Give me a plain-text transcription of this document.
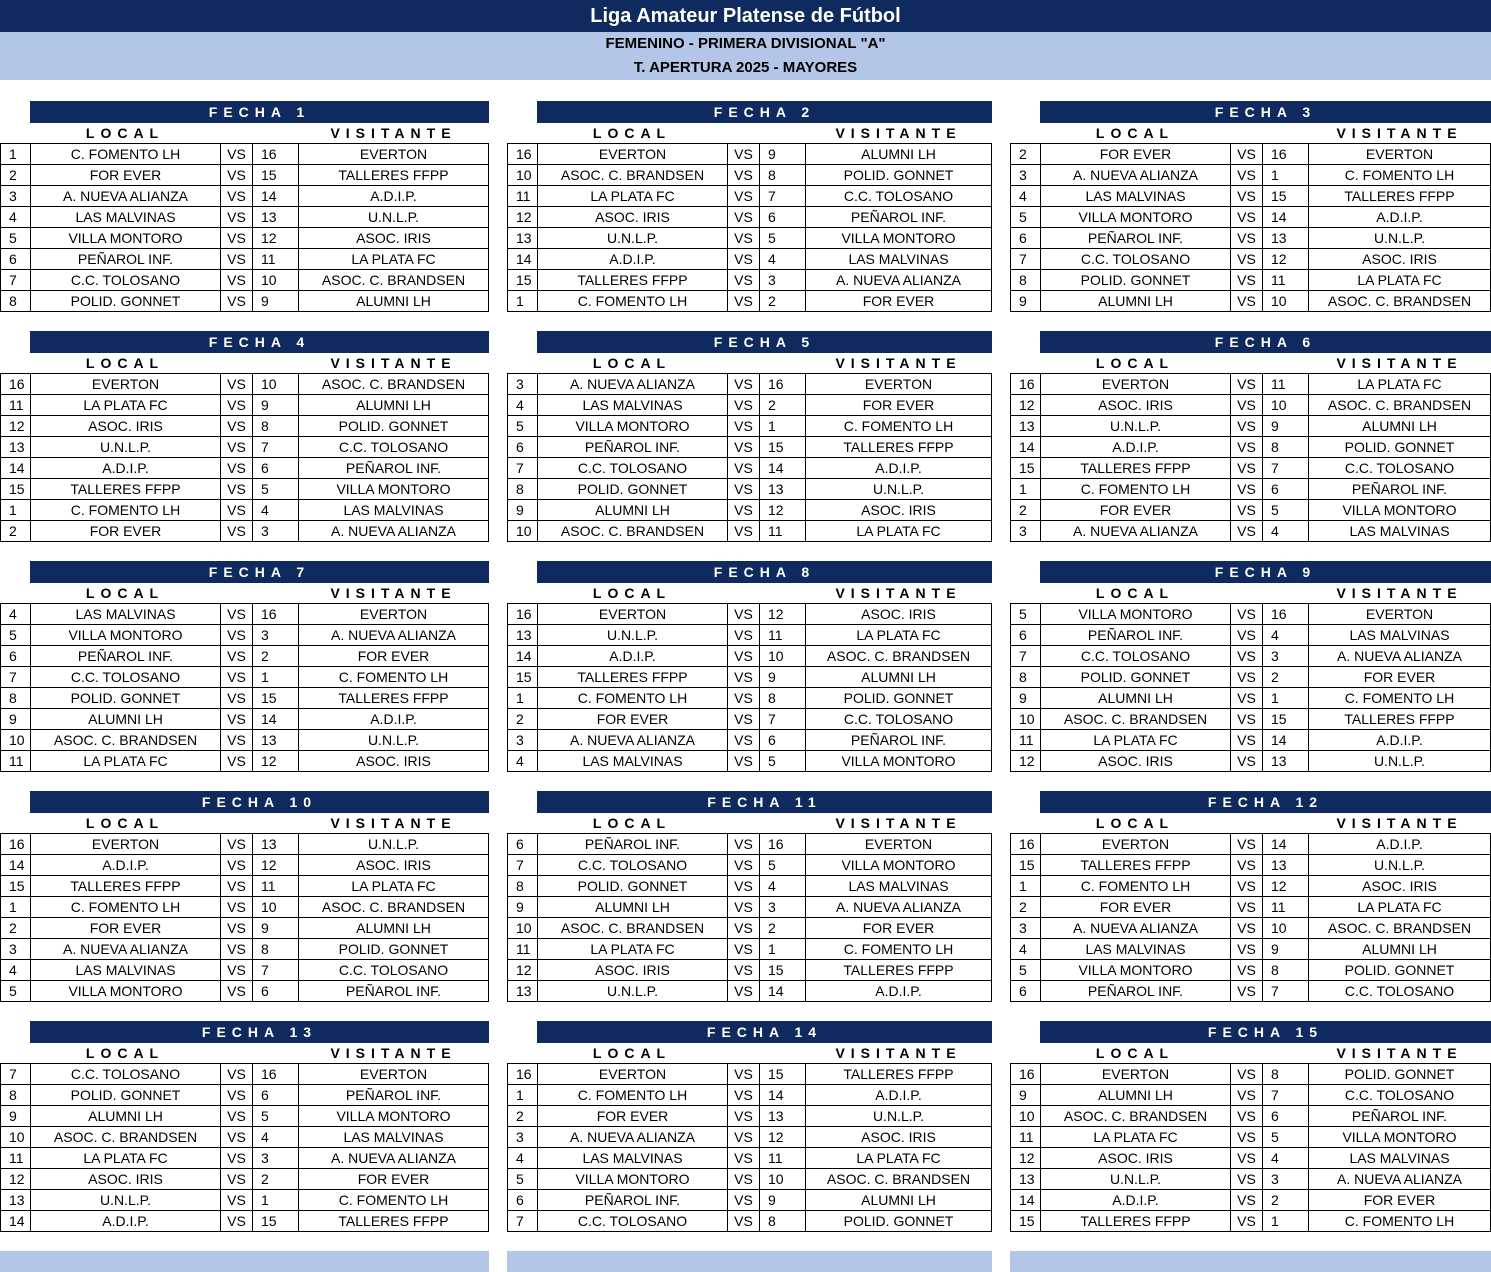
Liga Amateur Platense de Fútbol
FEMENINO - PRIMERA DIVISIONAL "A"
T. APERTURA 2025 - MAYORES
FECHA 1
LOCAL	VISITANTE
1	C. FOMENTO LH	VS	16	EVERTON
2	FOR EVER	VS	15	TALLERES FFPP
3	A. NUEVA ALIANZA	VS	14	A.D.I.P.
4	LAS MALVINAS	VS	13	U.N.L.P.
5	VILLA MONTORO	VS	12	ASOC. IRIS
6	PEÑAROL INF.	VS	11	LA PLATA FC
7	C.C. TOLOSANO	VS	10	ASOC. C. BRANDSEN
8	POLID. GONNET	VS	9	ALUMNI LH
FECHA 2
LOCAL	VISITANTE
16	EVERTON	VS	9	ALUMNI LH
10	ASOC. C. BRANDSEN	VS	8	POLID. GONNET
11	LA PLATA FC	VS	7	C.C. TOLOSANO
12	ASOC. IRIS	VS	6	PEÑAROL INF.
13	U.N.L.P.	VS	5	VILLA MONTORO
14	A.D.I.P.	VS	4	LAS MALVINAS
15	TALLERES FFPP	VS	3	A. NUEVA ALIANZA
1	C. FOMENTO LH	VS	2	FOR EVER
FECHA 3
LOCAL	VISITANTE
2	FOR EVER	VS	16	EVERTON
3	A. NUEVA ALIANZA	VS	1	C. FOMENTO LH
4	LAS MALVINAS	VS	15	TALLERES FFPP
5	VILLA MONTORO	VS	14	A.D.I.P.
6	PEÑAROL INF.	VS	13	U.N.L.P.
7	C.C. TOLOSANO	VS	12	ASOC. IRIS
8	POLID. GONNET	VS	11	LA PLATA FC
9	ALUMNI LH	VS	10	ASOC. C. BRANDSEN
FECHA 4
LOCAL	VISITANTE
16	EVERTON	VS	10	ASOC. C. BRANDSEN
11	LA PLATA FC	VS	9	ALUMNI LH
12	ASOC. IRIS	VS	8	POLID. GONNET
13	U.N.L.P.	VS	7	C.C. TOLOSANO
14	A.D.I.P.	VS	6	PEÑAROL INF.
15	TALLERES FFPP	VS	5	VILLA MONTORO
1	C. FOMENTO LH	VS	4	LAS MALVINAS
2	FOR EVER	VS	3	A. NUEVA ALIANZA
FECHA 5
LOCAL	VISITANTE
3	A. NUEVA ALIANZA	VS	16	EVERTON
4	LAS MALVINAS	VS	2	FOR EVER
5	VILLA MONTORO	VS	1	C. FOMENTO LH
6	PEÑAROL INF.	VS	15	TALLERES FFPP
7	C.C. TOLOSANO	VS	14	A.D.I.P.
8	POLID. GONNET	VS	13	U.N.L.P.
9	ALUMNI LH	VS	12	ASOC. IRIS
10	ASOC. C. BRANDSEN	VS	11	LA PLATA FC
FECHA 6
LOCAL	VISITANTE
16	EVERTON	VS	11	LA PLATA FC
12	ASOC. IRIS	VS	10	ASOC. C. BRANDSEN
13	U.N.L.P.	VS	9	ALUMNI LH
14	A.D.I.P.	VS	8	POLID. GONNET
15	TALLERES FFPP	VS	7	C.C. TOLOSANO
1	C. FOMENTO LH	VS	6	PEÑAROL INF.
2	FOR EVER	VS	5	VILLA MONTORO
3	A. NUEVA ALIANZA	VS	4	LAS MALVINAS
FECHA 7
LOCAL	VISITANTE
4	LAS MALVINAS	VS	16	EVERTON
5	VILLA MONTORO	VS	3	A. NUEVA ALIANZA
6	PEÑAROL INF.	VS	2	FOR EVER
7	C.C. TOLOSANO	VS	1	C. FOMENTO LH
8	POLID. GONNET	VS	15	TALLERES FFPP
9	ALUMNI LH	VS	14	A.D.I.P.
10	ASOC. C. BRANDSEN	VS	13	U.N.L.P.
11	LA PLATA FC	VS	12	ASOC. IRIS
FECHA 8
LOCAL	VISITANTE
16	EVERTON	VS	12	ASOC. IRIS
13	U.N.L.P.	VS	11	LA PLATA FC
14	A.D.I.P.	VS	10	ASOC. C. BRANDSEN
15	TALLERES FFPP	VS	9	ALUMNI LH
1	C. FOMENTO LH	VS	8	POLID. GONNET
2	FOR EVER	VS	7	C.C. TOLOSANO
3	A. NUEVA ALIANZA	VS	6	PEÑAROL INF.
4	LAS MALVINAS	VS	5	VILLA MONTORO
FECHA 9
LOCAL	VISITANTE
5	VILLA MONTORO	VS	16	EVERTON
6	PEÑAROL INF.	VS	4	LAS MALVINAS
7	C.C. TOLOSANO	VS	3	A. NUEVA ALIANZA
8	POLID. GONNET	VS	2	FOR EVER
9	ALUMNI LH	VS	1	C. FOMENTO LH
10	ASOC. C. BRANDSEN	VS	15	TALLERES FFPP
11	LA PLATA FC	VS	14	A.D.I.P.
12	ASOC. IRIS	VS	13	U.N.L.P.
FECHA 10
LOCAL	VISITANTE
16	EVERTON	VS	13	U.N.L.P.
14	A.D.I.P.	VS	12	ASOC. IRIS
15	TALLERES FFPP	VS	11	LA PLATA FC
1	C. FOMENTO LH	VS	10	ASOC. C. BRANDSEN
2	FOR EVER	VS	9	ALUMNI LH
3	A. NUEVA ALIANZA	VS	8	POLID. GONNET
4	LAS MALVINAS	VS	7	C.C. TOLOSANO
5	VILLA MONTORO	VS	6	PEÑAROL INF.
FECHA 11
LOCAL	VISITANTE
6	PEÑAROL INF.	VS	16	EVERTON
7	C.C. TOLOSANO	VS	5	VILLA MONTORO
8	POLID. GONNET	VS	4	LAS MALVINAS
9	ALUMNI LH	VS	3	A. NUEVA ALIANZA
10	ASOC. C. BRANDSEN	VS	2	FOR EVER
11	LA PLATA FC	VS	1	C. FOMENTO LH
12	ASOC. IRIS	VS	15	TALLERES FFPP
13	U.N.L.P.	VS	14	A.D.I.P.
FECHA 12
LOCAL	VISITANTE
16	EVERTON	VS	14	A.D.I.P.
15	TALLERES FFPP	VS	13	U.N.L.P.
1	C. FOMENTO LH	VS	12	ASOC. IRIS
2	FOR EVER	VS	11	LA PLATA FC
3	A. NUEVA ALIANZA	VS	10	ASOC. C. BRANDSEN
4	LAS MALVINAS	VS	9	ALUMNI LH
5	VILLA MONTORO	VS	8	POLID. GONNET
6	PEÑAROL INF.	VS	7	C.C. TOLOSANO
FECHA 13
LOCAL	VISITANTE
7	C.C. TOLOSANO	VS	16	EVERTON
8	POLID. GONNET	VS	6	PEÑAROL INF.
9	ALUMNI LH	VS	5	VILLA MONTORO
10	ASOC. C. BRANDSEN	VS	4	LAS MALVINAS
11	LA PLATA FC	VS	3	A. NUEVA ALIANZA
12	ASOC. IRIS	VS	2	FOR EVER
13	U.N.L.P.	VS	1	C. FOMENTO LH
14	A.D.I.P.	VS	15	TALLERES FFPP
FECHA 14
LOCAL	VISITANTE
16	EVERTON	VS	15	TALLERES FFPP
1	C. FOMENTO LH	VS	14	A.D.I.P.
2	FOR EVER	VS	13	U.N.L.P.
3	A. NUEVA ALIANZA	VS	12	ASOC. IRIS
4	LAS MALVINAS	VS	11	LA PLATA FC
5	VILLA MONTORO	VS	10	ASOC. C. BRANDSEN
6	PEÑAROL INF.	VS	9	ALUMNI LH
7	C.C. TOLOSANO	VS	8	POLID. GONNET
FECHA 15
LOCAL	VISITANTE
16	EVERTON	VS	8	POLID. GONNET
9	ALUMNI LH	VS	7	C.C. TOLOSANO
10	ASOC. C. BRANDSEN	VS	6	PEÑAROL INF.
11	LA PLATA FC	VS	5	VILLA MONTORO
12	ASOC. IRIS	VS	4	LAS MALVINAS
13	U.N.L.P.	VS	3	A. NUEVA ALIANZA
14	A.D.I.P.	VS	2	FOR EVER
15	TALLERES FFPP	VS	1	C. FOMENTO LH
